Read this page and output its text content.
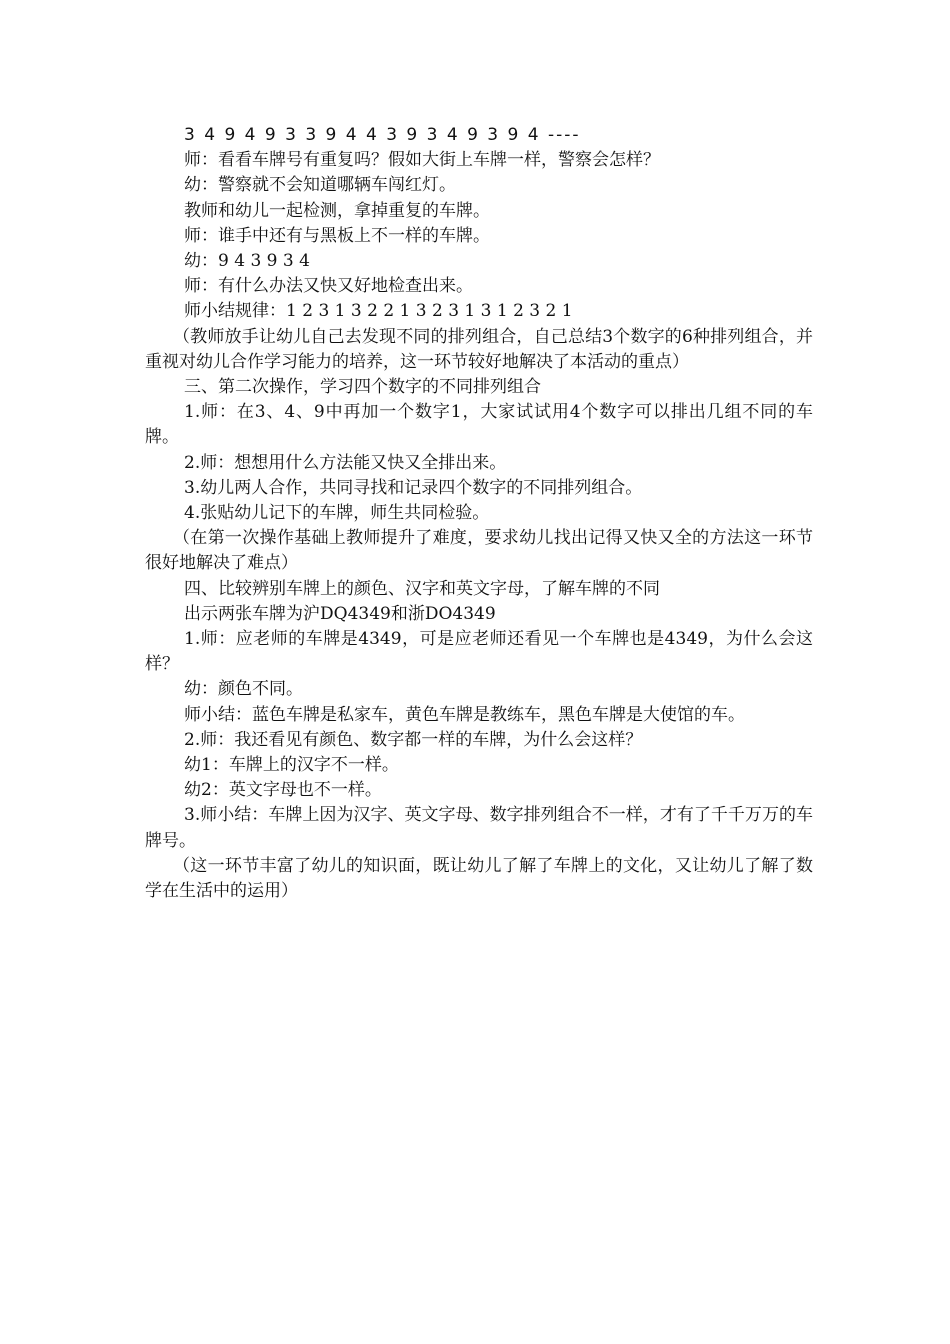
3 4 9 4 9 3 3 9 4 4 3 9 3 4 9 3 9 4 ----
师：看看车牌号有重复吗？假如大街上车牌一样，警察会怎样？
幼：警察就不会知道哪辆车闯红灯。
教师和幼儿一起检测，拿掉重复的车牌。
师：谁手中还有与黑板上不一样的车牌。
幼：9 4 3 9 3 4
师：有什么办法又快又好地检查出来。
师小结规律：1 2 3 1 3 2 2 1 3 2 3 1 3 1 2 3 2 1
（教师放手让幼儿自己去发现不同的排列组合，自己总结3个数字的6种排列组合，并重视对幼儿合作学习能力的培养，这一环节较好地解决了本活动的重点）
三、第二次操作，学习四个数字的不同排列组合
1.师：在3、4、9中再加一个数字1，大家试试用4个数字可以排出几组不同的车牌。
2.师：想想用什么方法能又快又全排出来。
3.幼儿两人合作，共同寻找和记录四个数字的不同排列组合。
4.张贴幼儿记下的车牌，师生共同检验。
（在第一次操作基础上教师提升了难度，要求幼儿找出记得又快又全的方法这一环节很好地解决了难点）
四、比较辨别车牌上的颜色、汉字和英文字母，了解车牌的不同
出示两张车牌为沪DQ4349和浙DO4349
1.师：应老师的车牌是4349，可是应老师还看见一个车牌也是4349，为什么会这样？
幼：颜色不同。
师小结：蓝色车牌是私家车，黄色车牌是教练车，黑色车牌是大使馆的车。
2.师：我还看见有颜色、数字都一样的车牌，为什么会这样？
幼1：车牌上的汉字不一样。
幼2：英文字母也不一样。
3.师小结：车牌上因为汉字、英文字母、数字排列组合不一样，才有了千千万万的车牌号。
（这一环节丰富了幼儿的知识面，既让幼儿了解了车牌上的文化，又让幼儿了解了数学在生活中的运用）
